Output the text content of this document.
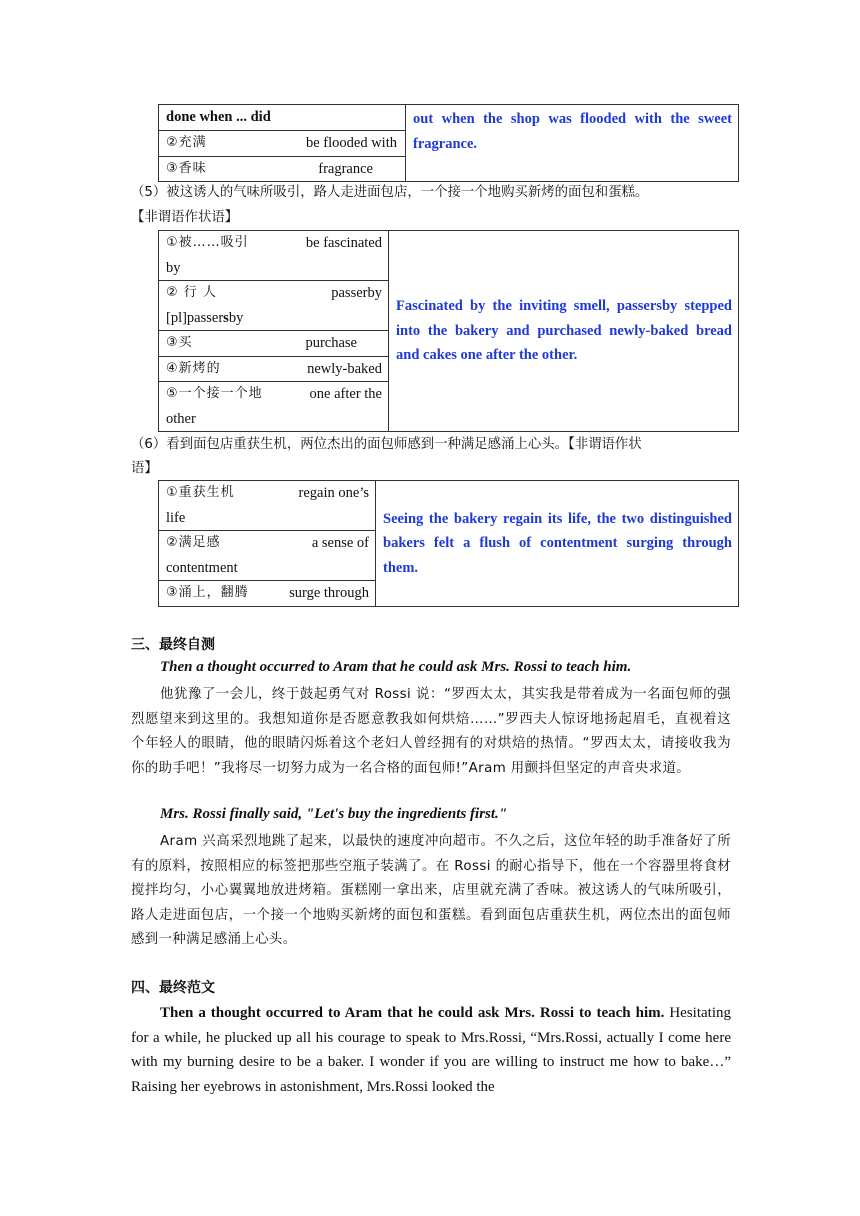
done when ... did	out when the shop was flooded with the sweet fragrance.

②充满	be flooded with

③香味	fragrance
（5）被这诱人的气味所吸引，路人走进面包店，一个接一个地购买新烤的面包和蛋糕。
【非谓语作状语】
①被……吸引	be fascinated
by
	Fascinated by the inviting smell, passersby stepped into the bakery and purchased newly-baked bread and cakes one after the other.

② 行 人	passerby
[pl]passersby

③买	purchase

④新烤的	newly-baked

⑤一个接一个地	one after the
other
（6）看到面包店重获生机，两位杰出的面包师感到一种满足感涌上心头。【非谓语作状
语】
①重获生机	regain one’s
life	Seeing the bakery regain its life, the two distinguished bakers felt a flush of contentment surging through them.

②满足感	a sense of
contentment

③涌上，翻腾	surge through
三、最终自测
Then a thought occurred to Aram that he could ask Mrs. Rossi to teach him.
他犹豫了一会儿，终于鼓起勇气对 Rossi 说：“罗西太太，其实我是带着成为一名面包师的强烈愿望来到这里的。我想知道你是否愿意教我如何烘焙……”罗西夫人惊讶地扬起眉毛，直视着这个年轻人的眼睛，他的眼睛闪烁着这个老妇人曾经拥有的对烘焙的热情。“罗西太太，请接收我为你的助手吧！”我将尽一切努力成为一名合格的面包师!”Aram 用颤抖但坚定的声音央求道。
Mrs. Rossi finally said, "Let's buy the ingredients first."
Aram 兴高采烈地跳了起来，以最快的速度冲向超市。不久之后，这位年轻的助手准备好了所有的原料，按照相应的标签把那些空瓶子装满了。在 Rossi 的耐心指导下，他在一个容器里将食材搅拌均匀，小心翼翼地放进烤箱。蛋糕刚一拿出来，店里就充满了香味。被这诱人的气味所吸引，路人走进面包店，一个接一个地购买新烤的面包和蛋糕。看到面包店重获生机，两位杰出的面包师感到一种满足感涌上心头。
四、最终范文
Then a thought occurred to Aram that he could ask Mrs. Rossi to teach him. Hesitating for a while, he plucked up all his courage to speak to Mrs.Rossi, “Mrs.Rossi, actually I come here with my burning desire to be a baker. I wonder if you are willing to instruct me how to bake…” Raising her eyebrows in astonishment, Mrs.Rossi looked the
